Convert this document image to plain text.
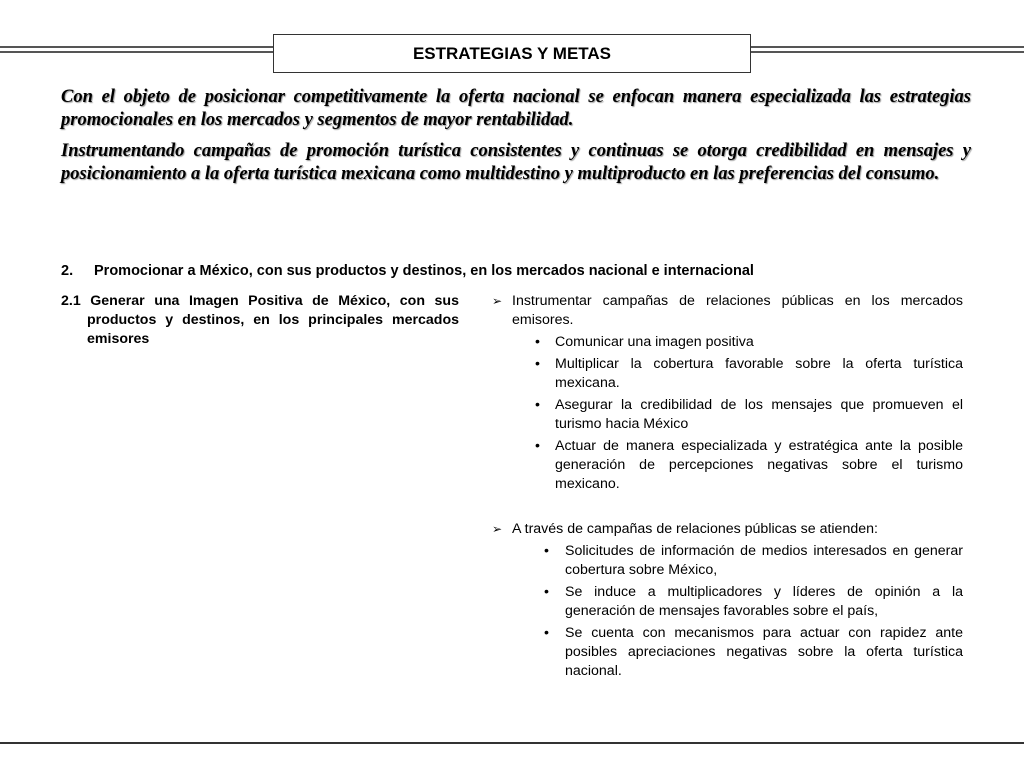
ESTRATEGIAS Y METAS

Con el objeto de posicionar competitivamente la oferta nacional se enfocan manera especializada las estrategias promocionales en los mercados y segmentos de mayor rentabilidad.

Instrumentando campañas de promoción turística consistentes y continuas se otorga credibilidad en mensajes y posicionamiento a la oferta turística mexicana como multidestino y multiproducto en las preferencias del consumo.

2. Promocionar a México, con sus productos y destinos, en los mercados nacional e internacional
2.1 Generar una Imagen Positiva de México, con sus productos y destinos, en los principales mercados emisores
➢ Instrumentar campañas de relaciones públicas en los mercados emisores.
• Comunicar una imagen positiva
• Multiplicar la cobertura favorable sobre la oferta turística mexicana.
• Asegurar la credibilidad de los mensajes que promueven el turismo hacia México
• Actuar de manera especializada y estratégica ante la posible generación de percepciones negativas sobre el turismo mexicano.
➢ A través de campañas de relaciones públicas se atienden:
• Solicitudes de información de medios interesados en generar cobertura sobre México,
• Se induce a multiplicadores y líderes de opinión a la generación de mensajes favorables sobre el país,
• Se cuenta con mecanismos para actuar con rapidez ante posibles apreciaciones negativas sobre la oferta turística nacional.
